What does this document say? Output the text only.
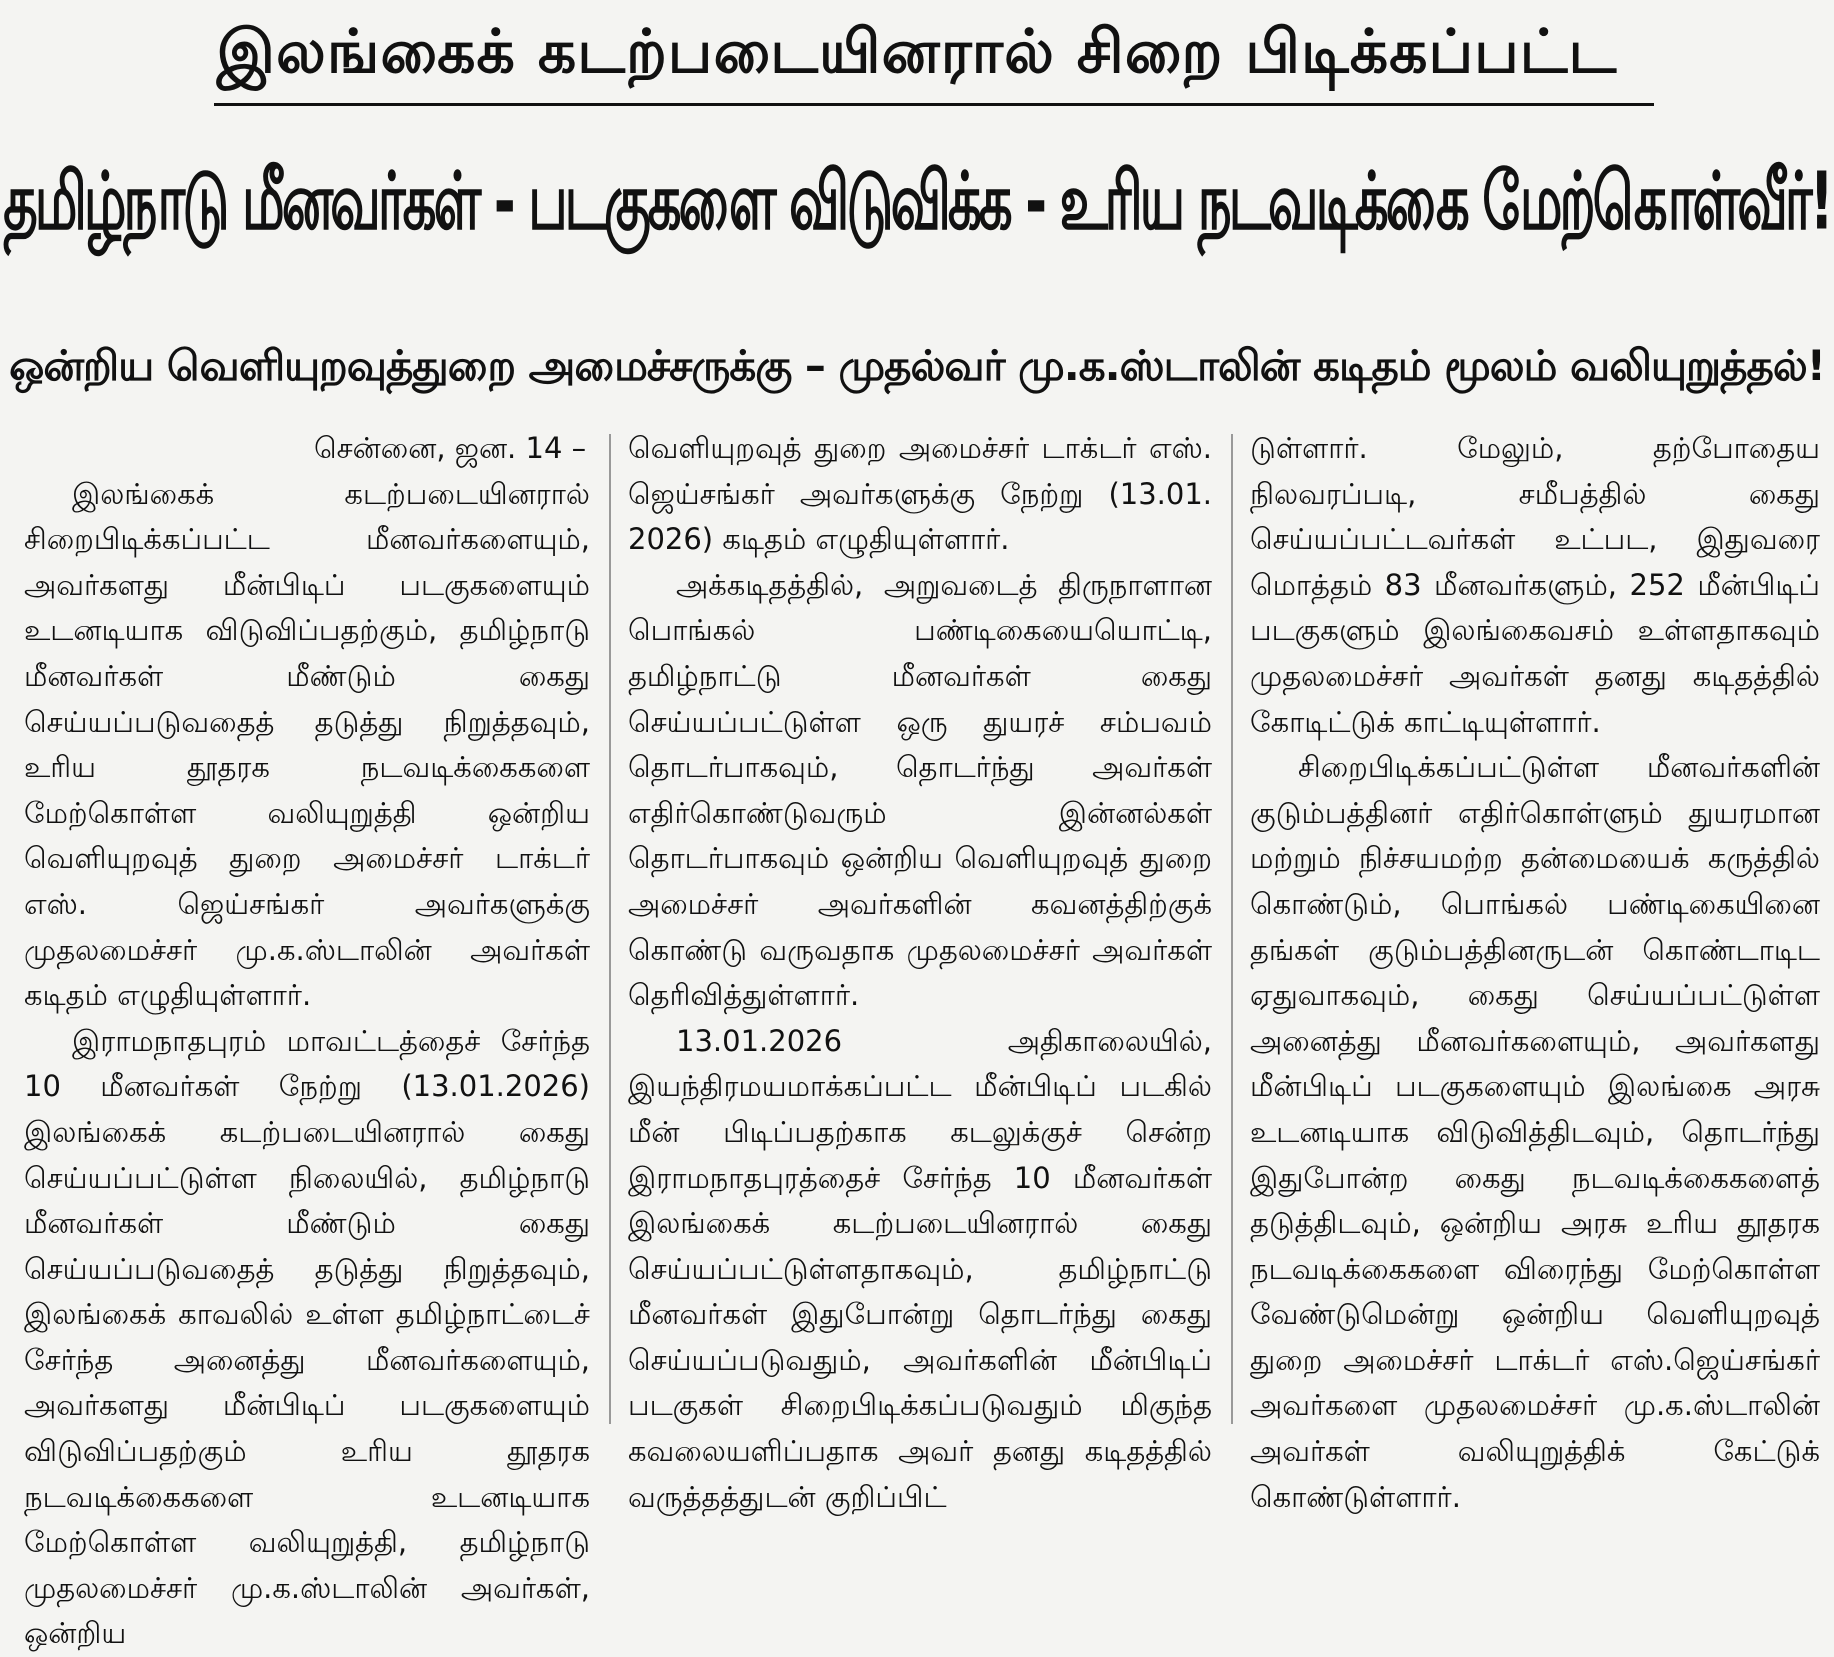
இலங்கைக் கடற்படையினரால் சிறை பிடிக்கப்பட்ட
தமிழ்நாடு மீனவர்கள் - படகுகளை விடுவிக்க - உரிய நடவடிக்கை மேற்கொள்வீர்!
ஒன்றிய வெளியுறவுத்துறை அமைச்சருக்கு – முதல்வர் மு.க.ஸ்டாலின் கடிதம் மூலம் வலியுறுத்தல்!

சென்னை, ஜன. 14 –

இலங்கைக் கடற்படையினரால் சிறைபிடிக்கப்பட்ட மீனவர்களையும், அவர்களது மீன்பிடிப் படகுகளையும் உடனடியாக விடுவிப்பதற்கும், தமிழ்நாடு மீனவர்கள் மீண்டும் கைது செய்யப்படுவதைத் தடுத்து நிறுத்தவும், உரிய தூதரக நடவடிக்கைகளை மேற்கொள்ள வலியுறுத்தி ஒன்றிய வெளியுறவுத் துறை அமைச்சர் டாக்டர் எஸ். ஜெய்சங்கர் அவர்களுக்கு முதலமைச்சர் மு.க.ஸ்டாலின் அவர்கள் கடிதம் எழுதியுள்ளார்.

இராமநாதபுரம் மாவட்டத்தைச் சேர்ந்த 10 மீனவர்கள் நேற்று (13.01.2026) இலங்கைக் கடற்படையினரால் கைது செய்யப்பட்டுள்ள நிலையில், தமிழ்நாடு மீனவர்கள் மீண்டும் கைது செய்யப்படுவதைத் தடுத்து நிறுத்தவும், இலங்கைக் காவலில் உள்ள தமிழ்நாட்டைச் சேர்ந்த அனைத்து மீனவர்களையும், அவர்களது மீன்பிடிப் படகுகளையும் விடுவிப்பதற்கும் உரிய தூதரக நடவடிக்கைகளை உடனடியாக மேற்கொள்ள வலியுறுத்தி, தமிழ்நாடு முதலமைச்சர் மு.க.ஸ்டாலின் அவர்கள், ஒன்றிய

வெளியுறவுத் துறை அமைச்சர் டாக்டர் எஸ். ஜெய்சங்கர் அவர்களுக்கு நேற்று (13.01. 2026) கடிதம் எழுதியுள்ளார்.

அக்கடிதத்தில், அறுவடைத் திருநாளான பொங்கல் பண்டிகையையொட்டி, தமிழ்நாட்டு மீனவர்கள் கைது செய்யப்பட்டுள்ள ஒரு துயரச் சம்பவம் தொடர்பாகவும், தொடர்ந்து அவர்கள் எதிர்கொண்டுவரும் இன்னல்கள் தொடர்பாகவும் ஒன்றிய வெளியுறவுத் துறை அமைச்சர் அவர்களின் கவனத்திற்குக் கொண்டு வருவதாக முதலமைச்சர் அவர்கள் தெரிவித்துள்ளார்.

13.01.2026 அதிகாலையில், இயந்திரமயமாக்கப்பட்ட மீன்பிடிப் படகில் மீன் பிடிப்பதற்காக கடலுக்குச் சென்ற இராமநாதபுரத்தைச் சேர்ந்த 10 மீனவர்கள் இலங்கைக் கடற்படையினரால் கைது செய்யப்பட்டுள்ளதாகவும், தமிழ்நாட்டு மீனவர்கள் இதுபோன்று தொடர்ந்து கைது செய்யப்படுவதும், அவர்களின் மீன்பிடிப் படகுகள் சிறைபிடிக்கப்படுவதும் மிகுந்த கவலையளிப்பதாக அவர் தனது கடிதத்தில் வருத்தத்துடன் குறிப்பிட்

டுள்ளார். மேலும், தற்போதைய நிலவரப்படி, சமீபத்தில் கைது செய்யப்பட்டவர்கள் உட்பட, இதுவரை மொத்தம் 83 மீனவர்களும், 252 மீன்பிடிப் படகுகளும் இலங்கைவசம் உள்ளதாகவும் முதலமைச்சர் அவர்கள் தனது கடிதத்தில் கோடிட்டுக் காட்டியுள்ளார்.

சிறைபிடிக்கப்பட்டுள்ள மீனவர்களின் குடும்பத்தினர் எதிர்கொள்ளும் துயரமான மற்றும் நிச்சயமற்ற தன்மையைக் கருத்தில் கொண்டும், பொங்கல் பண்டிகையினை தங்கள் குடும்பத்தினருடன் கொண்டாடிட ஏதுவாகவும், கைது செய்யப்பட்டுள்ள அனைத்து மீனவர்களையும், அவர்களது மீன்பிடிப் படகுகளையும் இலங்கை அரசு உடனடியாக விடுவித்திடவும், தொடர்ந்து இதுபோன்ற கைது நடவடிக்கைகளைத் தடுத்திடவும், ஒன்றிய அரசு உரிய தூதரக நடவடிக்கைகளை விரைந்து மேற்கொள்ள வேண்டுமென்று ஒன்றிய வெளியுறவுத் துறை அமைச்சர் டாக்டர் எஸ்.ஜெய்சங்கர் அவர்களை முதலமைச்சர் மு.க.ஸ்டாலின் அவர்கள் வலியுறுத்திக் கேட்டுக் கொண்டுள்ளார்.
